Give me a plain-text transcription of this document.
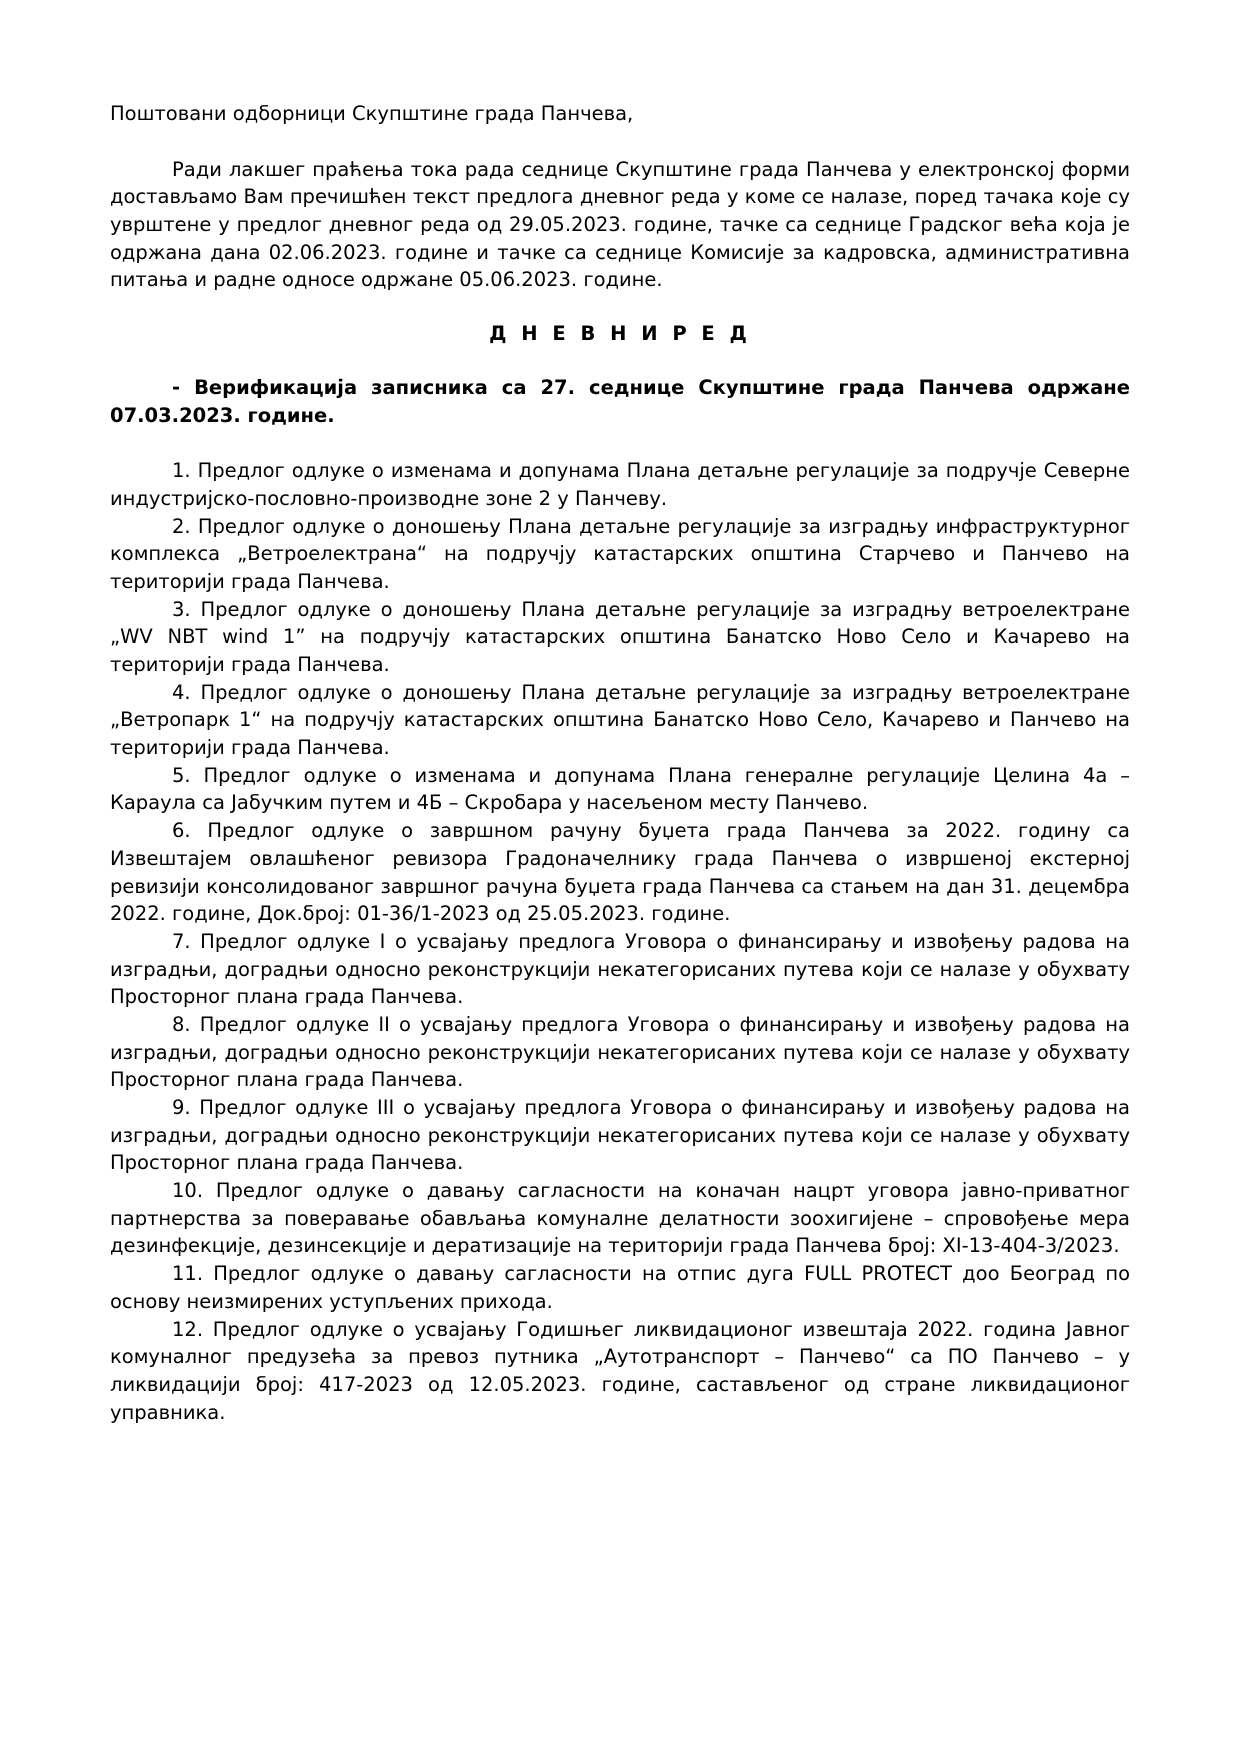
Поштовани одборници Скупштине града Панчева,

Ради лакшег праћења тока рада седнице Скупштине града Панчева у електронској форми достављамо Вам пречишћен текст предлога дневног реда у коме се налазе, поред тачака које су уврштене у предлог дневног реда од 29.05.2023. године, тачке са седнице Градског већа која је одржана дана 02.06.2023. године и тачке са седнице Комисије за кадровска, административна питања и радне односе одржане 05.06.2023. године.

Д Н Е В Н И Р Е Д

- Верификација записника са 27. седнице Скупштине града Панчева одржане 07.03.2023. године.

1. Предлог одлуке о изменама и допунама Плана детаљне регулације за подручје Северне индустријско-пословно-производне зоне 2 у Панчеву.

2. Предлог одлуке о доношењу Плана детаљне регулације за изградњу инфраструктурног комплекса „Ветроелектрана“ на подручју катастарских општина Старчево и Панчево на територији града Панчева.

3. Предлог одлуке о доношењу Плана детаљне регулације за изградњу ветроелектране „WV NBT wind 1” на подручју катастарских општина Банатско Ново Село и Качарево на територији града Панчева.

4. Предлог одлуке о доношењу Плана детаљне регулације за изградњу ветроелектране „Ветропарк 1“ на подручју катастарских општина Банатско Ново Село, Качарево и Панчево на територији града Панчева.

5. Предлог одлуке о изменама и допунама Плана генералне регулације Целина 4а – Караула са Јабучким путем и 4Б – Скробара у насељеном месту Панчево.

6. Предлог одлуке о завршном рачуну буџета града Панчева за 2022. годину са Извештајем овлашћеног ревизора Градоначелнику града Панчева о извршеној екстерној ревизији консолидованог завршног рачуна буџета града Панчева са стањем на дан 31. децембра 2022. године, Док.број: 01-36/1-2023 од 25.05.2023. године.

7. Предлог одлуке I о усвајању предлога Уговора о финансирању и извођењу радова на изградњи, доградњи односно реконструкцији некатегорисаних путева који се налазе у обухвату Просторног плана града Панчева.

8. Предлог одлуке II о усвајању предлога Уговора о финансирању и извођењу радова на изградњи, доградњи односно реконструкцији некатегорисаних путева који се налазе у обухвату Просторног плана града Панчева.

9. Предлог одлуке III о усвајању предлога Уговора о финансирању и извођењу радова на изградњи, доградњи односно реконструкцији некатегорисаних путева који се налазе у обухвату Просторног плана града Панчева.

10. Предлог одлуке о давању сагласности на коначан нацрт уговора јавно-приватног партнерства за поверавање обављања комуналне делатности зоохигијене – спровођење мера дезинфекције, дезинсекције и дератизације на територији града Панчева број: XI-13-404-3/2023.

11. Предлог одлуке о давању сагласности на отпис дуга FULL PROTECT доо Београд по основу неизмирених уступљених прихода.

12. Предлог одлуке о усвајању Годишњег ликвидационог извештаја 2022. година Јавног комуналног предузећа за превоз путника „Аутотранспорт – Панчево“ са ПО Панчево – у ликвидацији број: 417-2023 од 12.05.2023. године, састављеног од стране ликвидационог управника.
